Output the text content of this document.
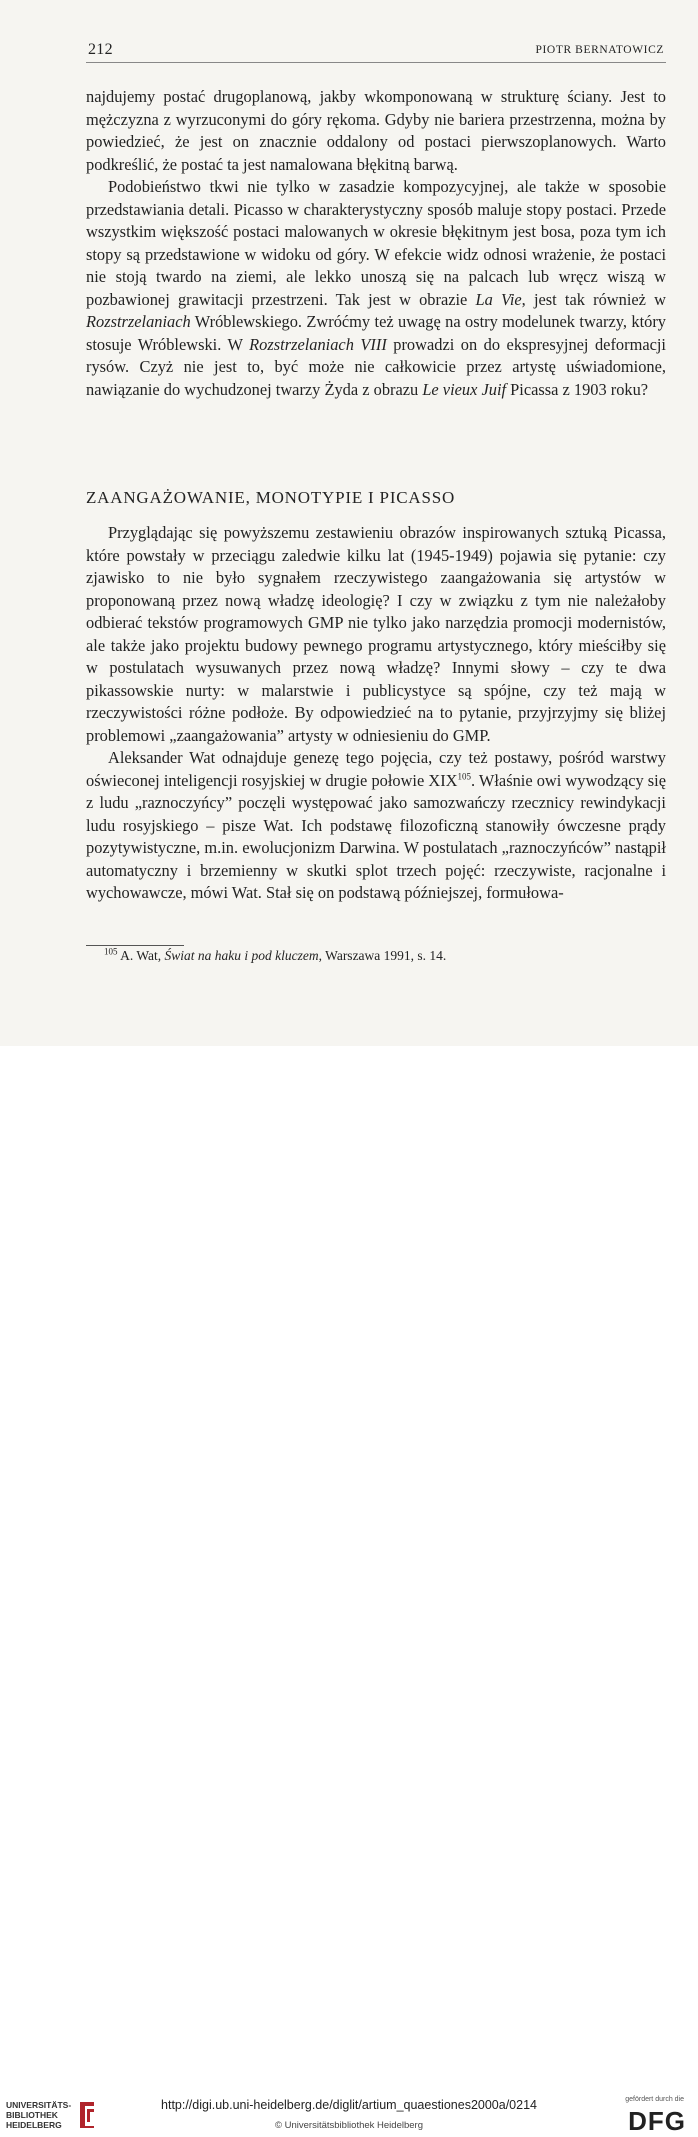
212	PIOTR BERNATOWICZ

najdujemy postać drugoplanową, jakby wkomponowaną w strukturę ściany. Jest to mężczyzna z wyrzuconymi do góry rękoma. Gdyby nie bariera przestrzenna, można by powiedzieć, że jest on znacznie oddalony od postaci pierwszoplanowych. Warto podkreślić, że postać ta jest namalowana błękitną barwą.

Podobieństwo tkwi nie tylko w zasadzie kompozycyjnej, ale także w sposobie przedstawiania detali. Picasso w charakterystyczny sposób maluje stopy postaci. Przede wszystkim większość postaci malowanych w okresie błękitnym jest bosa, poza tym ich stopy są przedstawione w widoku od góry. W efekcie widz odnosi wrażenie, że postaci nie stoją twardo na ziemi, ale lekko unoszą się na palcach lub wręcz wiszą w pozbawionej grawitacji przestrzeni. Tak jest w obrazie La Vie, jest tak również w Rozstrzelaniach Wróblewskiego. Zwróćmy też uwagę na ostry modelunek twarzy, który stosuje Wróblewski. W Rozstrzelaniach VIII prowadzi on do ekspresyjnej deformacji rysów. Czyż nie jest to, być może nie całkowicie przez artystę uświadomione, nawiązanie do wychudzonej twarzy Żyda z obrazu Le vieux Juif Picassa z 1903 roku?

ZAANGAŻOWANIE, MONOTYPIE I PICASSO

Przyglądając się powyższemu zestawieniu obrazów inspirowanych sztuką Picassa, które powstały w przeciągu zaledwie kilku lat (1945-1949) pojawia się pytanie: czy zjawisko to nie było sygnałem rzeczywistego zaangażowania się artystów w proponowaną przez nową władzę ideologię? I czy w związku z tym nie należałoby odbierać tekstów programowych GMP nie tylko jako narzędzia promocji modernistów, ale także jako projektu budowy pewnego programu artystycznego, który mieściłby się w postulatach wysuwanych przez nową władzę? Innymi słowy – czy te dwa pikassowskie nurty: w malarstwie i publicystyce są spójne, czy też mają w rzeczywistości różne podłoże. By odpowiedzieć na to pytanie, przyjrzyjmy się bliżej problemowi „zaangażowania” artysty w odniesieniu do GMP.

Aleksander Wat odnajduje genezę tego pojęcia, czy też postawy, pośród warstwy oświeconej inteligencji rosyjskiej w drugie połowie XIX$^{105}$. Właśnie owi wywodzący się z ludu „raznoczyńcy” poczęli występować jako samozwańczy rzecznicy rewindykacji ludu rosyjskiego – pisze Wat. Ich podstawę filozoficzną stanowiły ówczesne prądy pozytywistyczne, m.in. ewolucjonizm Darwina. W postulatach „raznoczyńców” nastąpił automatyczny i brzemienny w skutki splot trzech pojęć: rzeczywiste, racjonalne i wychowawcze, mówi Wat. Stał się on podstawą późniejszej, formułowa-

$^{105}$ A. Wat, Świat na haku i pod kluczem, Warszawa 1991, s. 14.
UNIVERSITÄTS-
BIBLIOTHEK
HEIDELBERG
http://digi.ub.uni-heidelberg.de/diglit/artium_quaestiones2000a/0214
© Universitätsbibliothek Heidelberg
gefördert durch die
DFG
